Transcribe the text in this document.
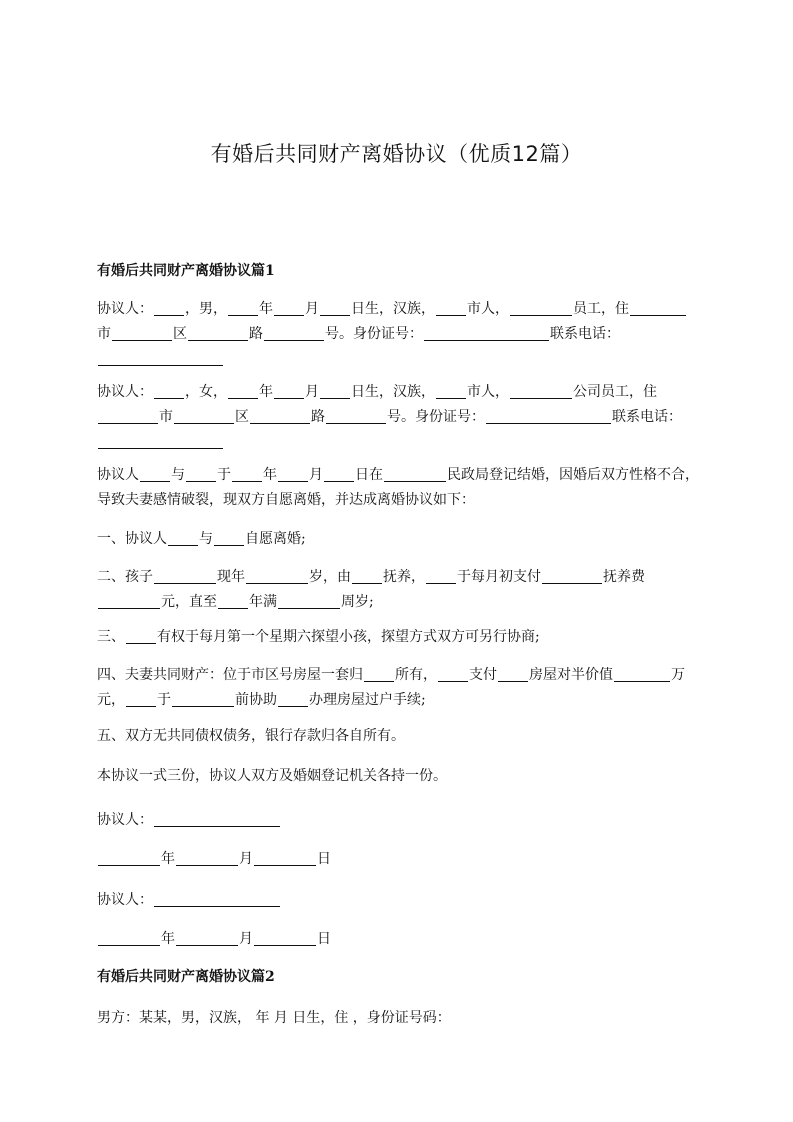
有婚后共同财产离婚协议（优质12篇）
有婚后共同财产离婚协议篇1
协议人： ，男， 年 月 日生，汉族， 市人，	员工，住市	区	路	号。身份证号：	联系电话：
协议人： ，女， 年 月 日生，汉族， 市人，	公司员工，住市	区	路	号。身份证号：	联系电话：
协议人 与 于 年 月 日在	民政局登记结婚，因婚后双方性格不合，导致夫妻感情破裂，现双方自愿离婚，并达成离婚协议如下：
一、协议人 与 自愿离婚;
二、孩子	现年	岁，由 抚养， 于每月初支付	抚养费元，直至 年满	周岁;
三、 有权于每月第一个星期六探望小孩，探望方式双方可另行协商;
四、夫妻共同财产：位于市区号房屋一套归 所有， 支付 房屋对半价值	万元， 于	前协助 办理房屋过户手续;
五、双方无共同债权债务，银行存款归各自所有。
本协议一式三份，协议人双方及婚姻登记机关各持一份。
协议人：
年	月	日
协议人：
年	月	日
有婚后共同财产离婚协议篇2
男方：某某，男，汉族， 年 月 日生，住 ，身份证号码：
